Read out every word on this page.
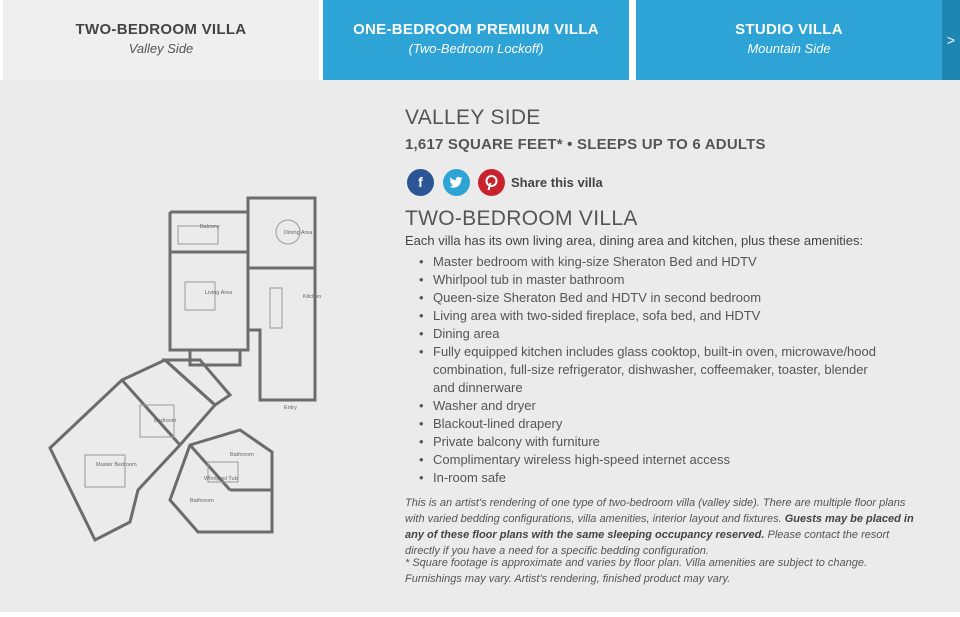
TWO-BEDROOM VILLA
Valley Side
ONE-BEDROOM PREMIUM VILLA
(Two-Bedroom Lockoff)
STUDIO VILLA
Mountain Side
>
Balcony
Dining Area
Living Area
Kitchen
Bedroom
Master Bedroom
Whirlpool Tub
Bathroom
Bathroom
Entry
VALLEY SIDE
1,617 SQUARE FEET* • SLEEPS UP TO 6 ADULTS
f	Share this villa
TWO-BEDROOM VILLA
Each villa has its own living area, dining area and kitchen, plus these amenities:
• Master bedroom with king-size Sheraton Bed and HDTV
• Whirlpool tub in master bathroom
• Queen-size Sheraton Bed and HDTV in second bedroom
• Living area with two-sided fireplace, sofa bed, and HDTV
• Dining area
• Fully equipped kitchen includes glass cooktop, built-in oven, microwave/hood combination, full-size refrigerator, dishwasher, coffeemaker, toaster, blender and dinnerware
• Washer and dryer
• Blackout-lined drapery
• Private balcony with furniture
• Complimentary wireless high-speed internet access
• In-room safe

This is an artist's rendering of one type of two-bedroom villa (valley side). There are multiple floor plans with varied bedding configurations, villa amenities, interior layout and fixtures. Guests may be placed in any of these floor plans with the same sleeping occupancy reserved. Please contact the resort directly if you have a need for a specific bedding configuration.

* Square footage is approximate and varies by floor plan. Villa amenities are subject to change. Furnishings may vary. Artist's rendering, finished product may vary.
